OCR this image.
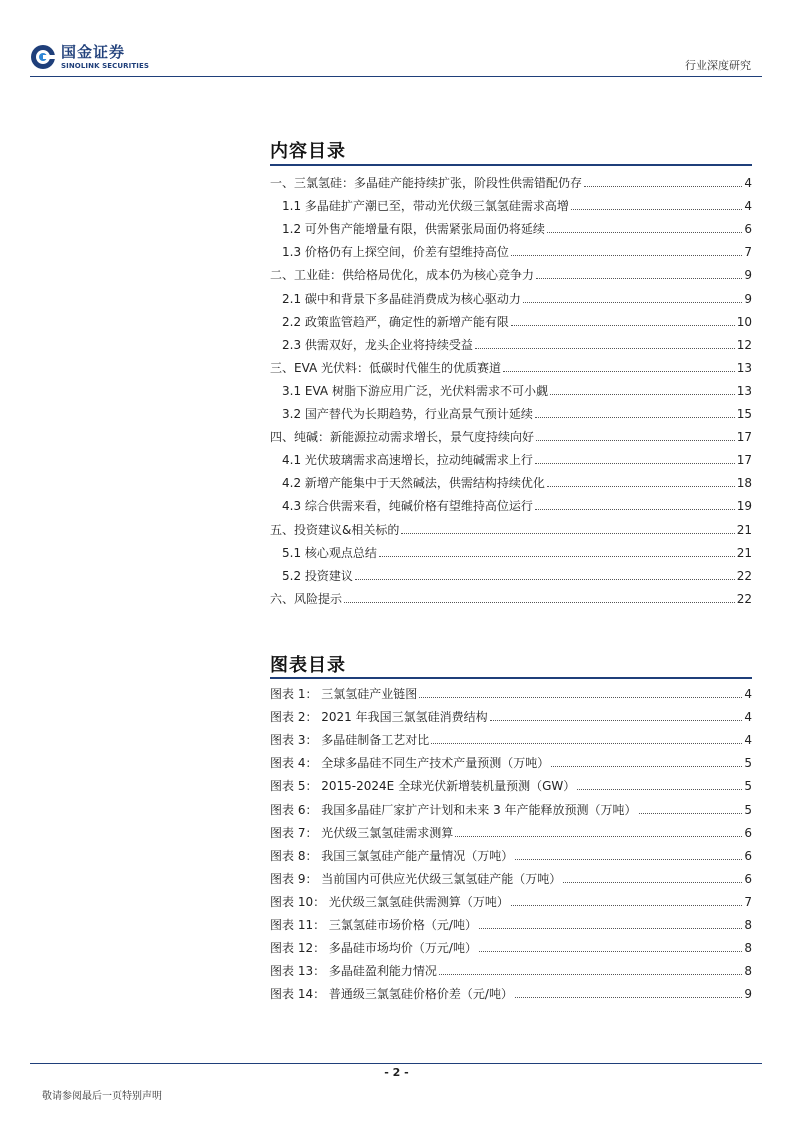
国金证券
SINOLINK SECURITIES	行业深度研究
内容目录
一、三氯氢硅：多晶硅产能持续扩张，阶段性供需错配仍存	4
1.1 多晶硅扩产潮已至，带动光伏级三氯氢硅需求高增	4
1.2 可外售产能增量有限，供需紧张局面仍将延续	6
1.3 价格仍有上探空间，价差有望维持高位	7
二、工业硅：供给格局优化，成本仍为核心竞争力	9
2.1 碳中和背景下多晶硅消费成为核心驱动力	9
2.2 政策监管趋严，确定性的新增产能有限	10
2.3 供需双好，龙头企业将持续受益	12
三、EVA 光伏料：低碳时代催生的优质赛道	13
3.1 EVA 树脂下游应用广泛，光伏料需求不可小觑	13
3.2 国产替代为长期趋势，行业高景气预计延续	15
四、纯碱：新能源拉动需求增长，景气度持续向好	17
4.1 光伏玻璃需求高速增长，拉动纯碱需求上行	17
4.2 新增产能集中于天然碱法，供需结构持续优化	18
4.3 综合供需来看，纯碱价格有望维持高位运行	19
五、投资建议&相关标的	21
5.1 核心观点总结	21
5.2 投资建议	22
六、风险提示	22
图表目录
图表 1： 三氯氢硅产业链图	4
图表 2： 2021 年我国三氯氢硅消费结构	4
图表 3： 多晶硅制备工艺对比	4
图表 4： 全球多晶硅不同生产技术产量预测（万吨）	5
图表 5： 2015-2024E 全球光伏新增装机量预测（GW）	5
图表 6： 我国多晶硅厂家扩产计划和未来 3 年产能释放预测（万吨）	5
图表 7： 光伏级三氯氢硅需求测算	6
图表 8： 我国三氯氢硅产能产量情况（万吨）	6
图表 9： 当前国内可供应光伏级三氯氢硅产能（万吨）	6
图表 10： 光伏级三氯氢硅供需测算（万吨）	7
图表 11： 三氯氢硅市场价格（元/吨）	8
图表 12： 多晶硅市场均价（万元/吨）	8
图表 13： 多晶硅盈利能力情况	8
图表 14： 普通级三氯氢硅价格价差（元/吨）	9
- 2 -
敬请参阅最后一页特别声明
